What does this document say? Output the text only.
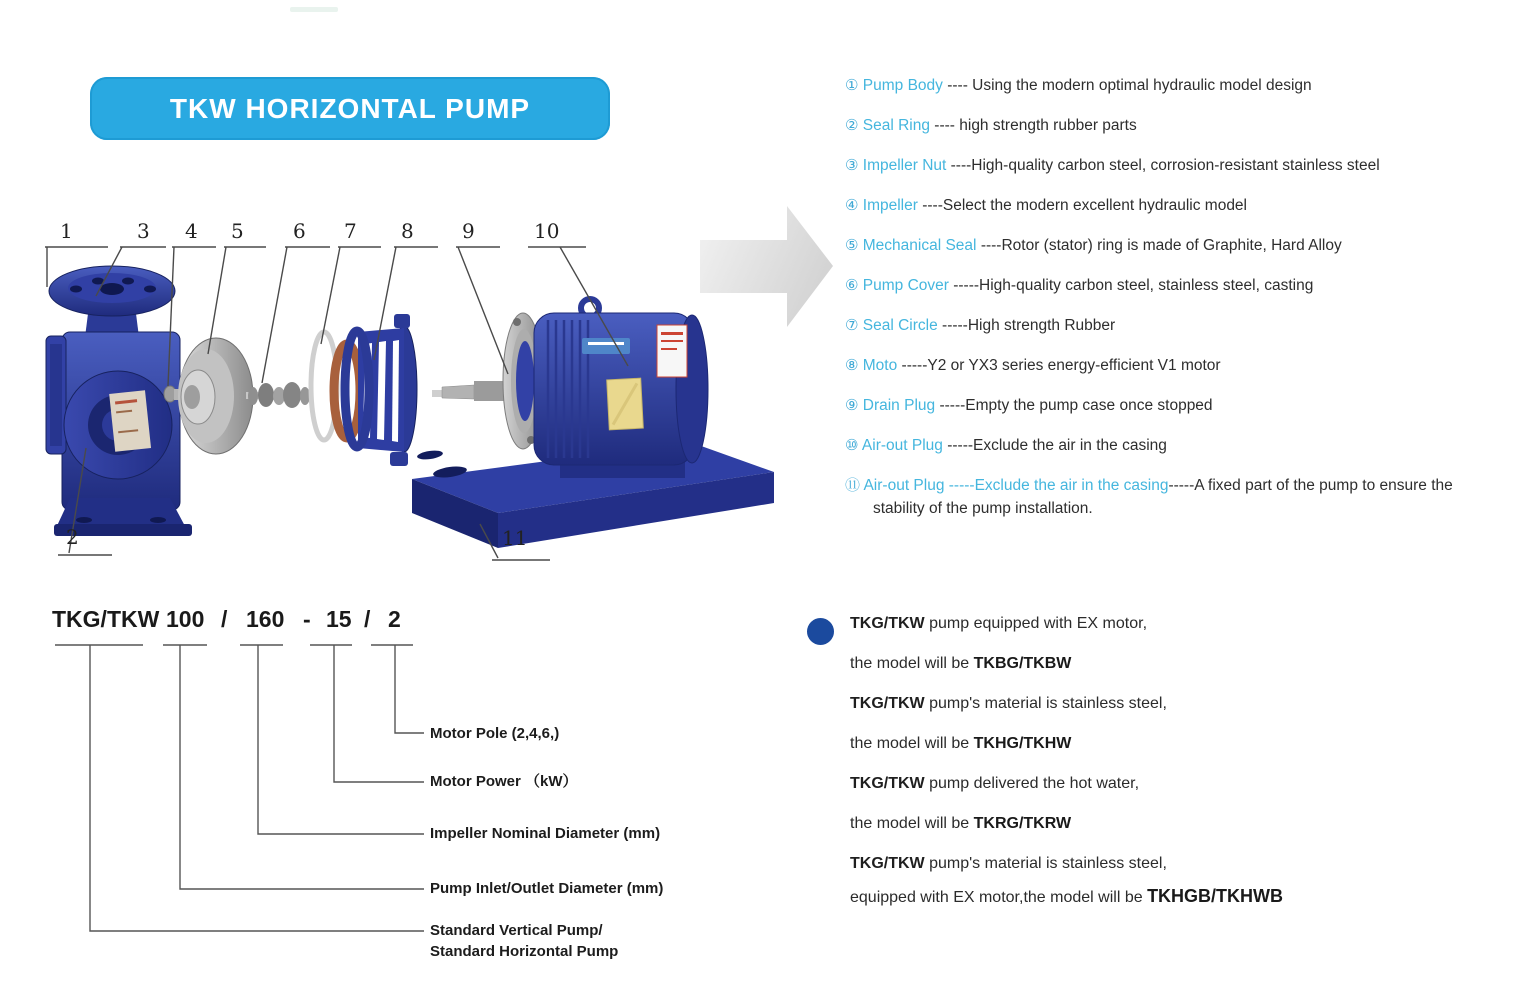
TKW HORIZONTAL PUMP
1	3 4 5 6 7 8 9	10
2	11
① Pump Body ---- Using the modern optimal hydraulic model design
② Seal Ring ---- high strength rubber parts
③ Impeller Nut ----High-quality carbon steel, corrosion-resistant stainless steel
④ Impeller ----Select the modern excellent hydraulic model
⑤ Mechanical Seal ----Rotor (stator) ring is made of Graphite, Hard Alloy
⑥ Pump Cover -----High-quality carbon steel, stainless steel, casting
⑦ Seal Circle -----High strength Rubber
⑧ Moto -----Y2 or YX3 series energy-efficient V1 motor
⑨ Drain Plug -----Empty the pump case once stopped
⑩ Air-out Plug -----Exclude the air in the casing
⑪ Air-out Plug -----Exclude the air in the casing-----A fixed part of the pump to ensure the stability of the pump installation.
TKG/TKW 100 / 160 - 15 / 2
Motor Pole (2,4,6,)
Motor Power （kW）
Impeller Nominal Diameter (mm)
Pump Inlet/Outlet Diameter (mm)
Standard Vertical Pump/
Standard Horizontal Pump
TKG/TKW pump equipped with EX motor,
the model will be TKBG/TKBW
TKG/TKW pump's material is stainless steel,
the model will be TKHG/TKHW
TKG/TKW pump delivered the hot water,
the model will be TKRG/TKRW
TKG/TKW pump's material is stainless steel,
equipped with EX motor,the model will be TKHGB/TKHWB
